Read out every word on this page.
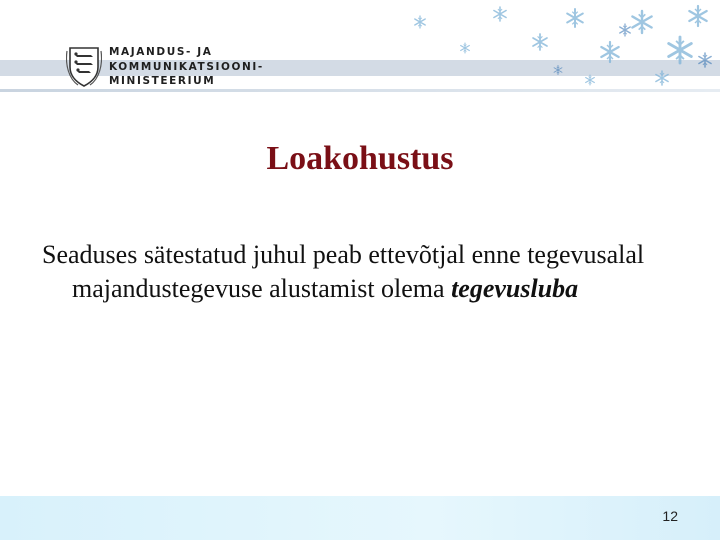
MAJANDUS- JA
KOMMUNIKATSIOONI-
MINISTEERIUM
Loakohustus

Seaduses sätestatud juhul peab ettevõtjal enne tegevusalal majandustegevuse alustamist olema tegevusluba

12
